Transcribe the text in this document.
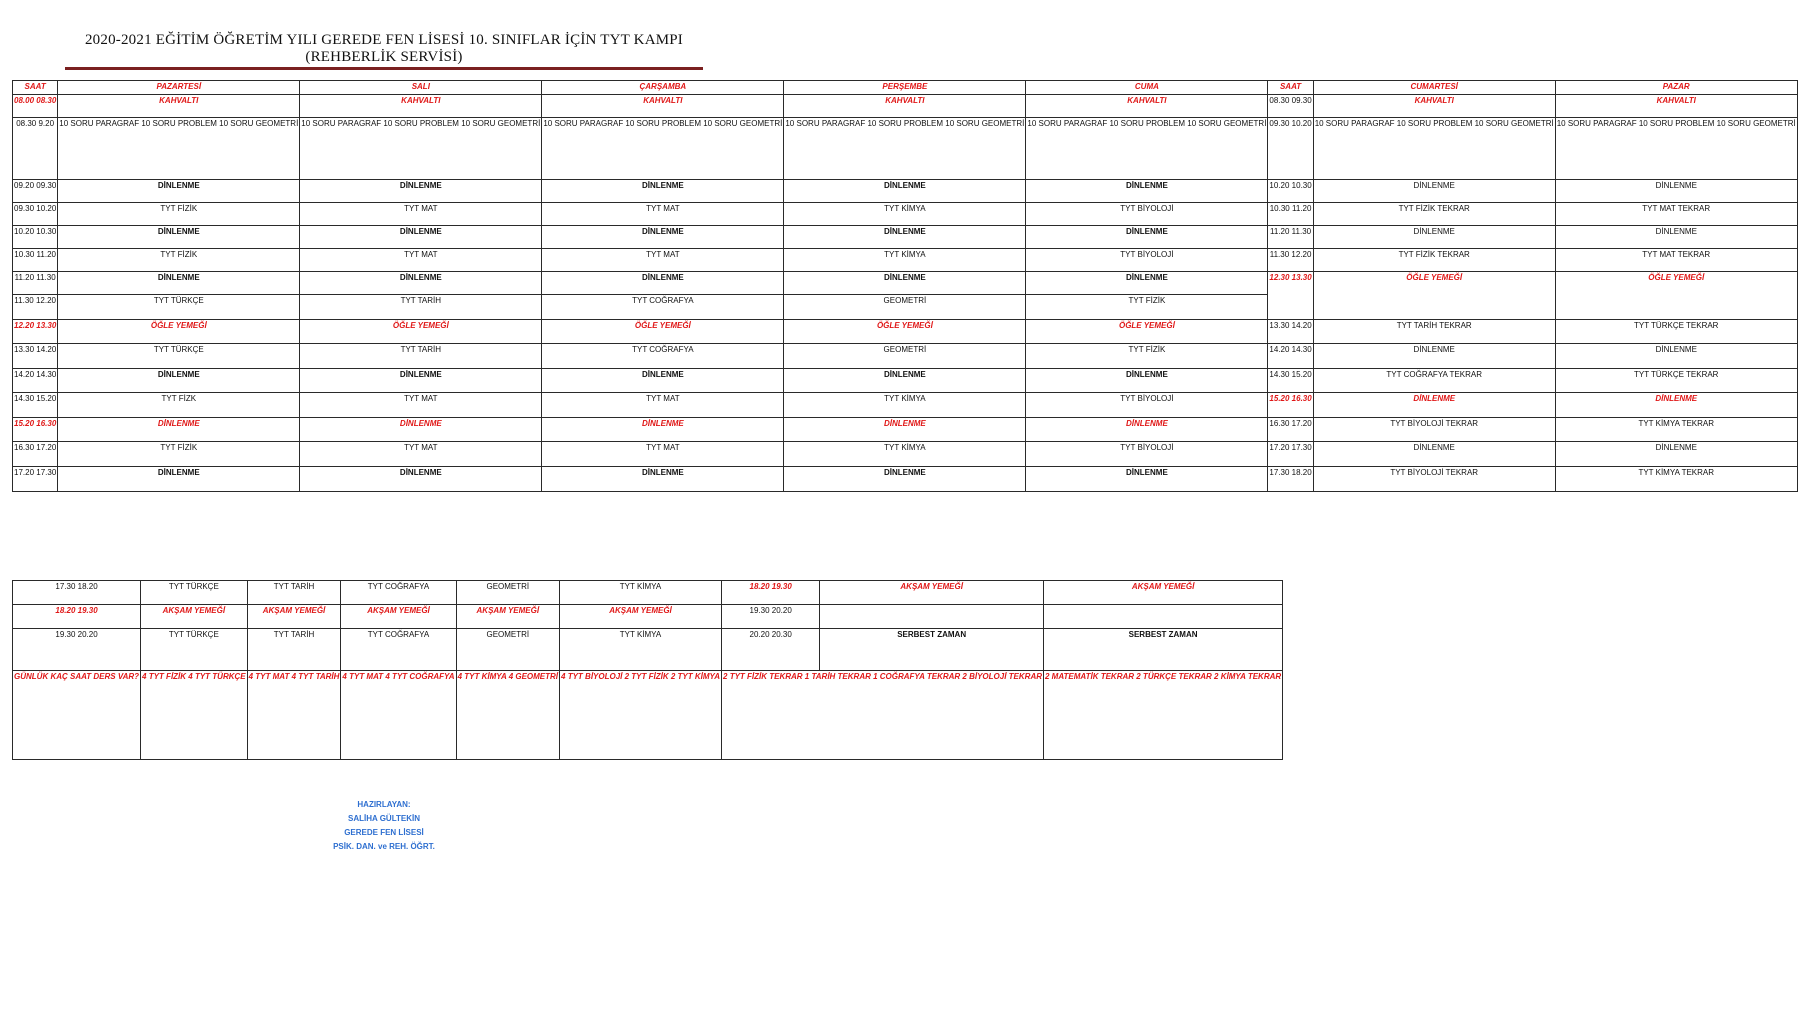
2020-2021 EĞİTİM ÖĞRETİM YILI GEREDE FEN LİSESİ 10. SINIFLAR İÇİN TYT KAMPI
(REHBERLİK SERVİSİ)
SAAT	PAZARTESİ	SALI	ÇARŞAMBA	PERŞEMBE	CUMA	SAAT	CUMARTESİ	PAZAR
08.00 08.30	KAHVALTI	KAHVALTI	KAHVALTI	KAHVALTI	KAHVALTI	08.30 09.30	KAHVALTI	KAHVALTI
08.30 9.20	10 SORU PARAGRAF 10 SORU PROBLEM 10 SORU GEOMETRİ	10 SORU PARAGRAF 10 SORU PROBLEM 10 SORU GEOMETRİ	10 SORU PARAGRAF 10 SORU PROBLEM 10 SORU GEOMETRİ	10 SORU PARAGRAF 10 SORU PROBLEM 10 SORU GEOMETRİ	10 SORU PARAGRAF 10 SORU PROBLEM 10 SORU GEOMETRİ	09.30 10.20	10 SORU PARAGRAF 10 SORU PROBLEM 10 SORU GEOMETRİ	10 SORU PARAGRAF 10 SORU PROBLEM 10 SORU GEOMETRİ
09.20 09.30	DİNLENME	DİNLENME	DİNLENME	DİNLENME	DİNLENME	10.20 10.30	DİNLENME	DİNLENME
09.30 10.20	TYT FİZİK	TYT MAT	TYT MAT	TYT KİMYA	TYT BİYOLOJİ	10.30 11.20	TYT FİZİK TEKRAR	TYT MAT TEKRAR
10.20 10.30	DİNLENME	DİNLENME	DİNLENME	DİNLENME	DİNLENME	11.20 11.30	DİNLENME	DİNLENME
10.30 11.20	TYT FİZİK	TYT MAT	TYT MAT	TYT KİMYA	TYT BİYOLOJİ	11.30 12.20	TYT FİZİK TEKRAR	TYT MAT TEKRAR
11.20 11.30	DİNLENME	DİNLENME	DİNLENME	DİNLENME	DİNLENME	12.30 13.30	ÖĞLE YEMEĞİ	ÖĞLE YEMEĞİ
11.30 12.20	TYT TÜRKÇE	TYT TARİH	TYT COĞRAFYA	GEOMETRİ	TYT FİZİK			
12.20 13.30	ÖĞLE YEMEĞİ	ÖĞLE YEMEĞİ	ÖĞLE YEMEĞİ	ÖĞLE YEMEĞİ	ÖĞLE YEMEĞİ	13.30 14.20	TYT TARİH TEKRAR	TYT TÜRKÇE TEKRAR
13.30 14.20	TYT TÜRKÇE	TYT TARİH	TYT COĞRAFYA	GEOMETRİ	TYT FİZİK	14.20 14.30	DİNLENME	DİNLENME
14.20 14.30	DİNLENME	DİNLENME	DİNLENME	DİNLENME	DİNLENME	14.30 15.20	TYT COĞRAFYA TEKRAR	TYT TÜRKÇE TEKRAR
14.30 15.20	TYT FİZK	TYT MAT	TYT MAT	TYT KİMYA	TYT BİYOLOJİ	15.20 16.30	DİNLENME	DİNLENME
15.20 16.30	DİNLENME	DİNLENME	DİNLENME	DİNLENME	DİNLENME	16.30 17.20	TYT BİYOLOJİ TEKRAR	TYT KİMYA TEKRAR
16.30 17.20	TYT FİZİK	TYT MAT	TYT MAT	TYT KİMYA	TYT BİYOLOJİ	17.20 17.30	DİNLENME	DİNLENME
17.20 17.30	DİNLENME	DİNLENME	DİNLENME	DİNLENME	DİNLENME	17.30 18.20	TYT BİYOLOJİ TEKRAR	TYT KİMYA TEKRAR
17.30 18.20	TYT TÜRKÇE	TYT TARİH	TYT COĞRAFYA	GEOMETRİ	TYT KİMYA	18.20 19.30	AKŞAM YEMEĞİ	AKŞAM YEMEĞİ
18.20 19.30	AKŞAM YEMEĞİ	AKŞAM YEMEĞİ	AKŞAM YEMEĞİ	AKŞAM YEMEĞİ	AKŞAM YEMEĞİ	19.30 20.20		
19.30 20.20	TYT TÜRKÇE	TYT TARİH	TYT COĞRAFYA	GEOMETRİ	TYT KİMYA	20.20 20.30	SERBEST ZAMAN	SERBEST ZAMAN
GÜNLÜK KAÇ SAAT DERS VAR?	4 TYT FİZİK 4 TYT TÜRKÇE	4 TYT MAT 4 TYT TARİH	4 TYT MAT 4 TYT COĞRAFYA	4 TYT KİMYA 4 GEOMETRİ	4 TYT BİYOLOJİ 2 TYT FİZİK 2 TYT KİMYA	2 TYT FİZİK TEKRAR 1 TARİH TEKRAR 1 COĞRAFYA TEKRAR 2 BİYOLOJİ TEKRAR		2 MATEMATİK TEKRAR 2 TÜRKÇE TEKRAR 2 KİMYA TEKRAR
HAZIRLAYAN:
SALİHA GÜLTEKİN
GEREDE FEN LİSESİ
PSİK. DAN. ve REH. ÖĞRT.
